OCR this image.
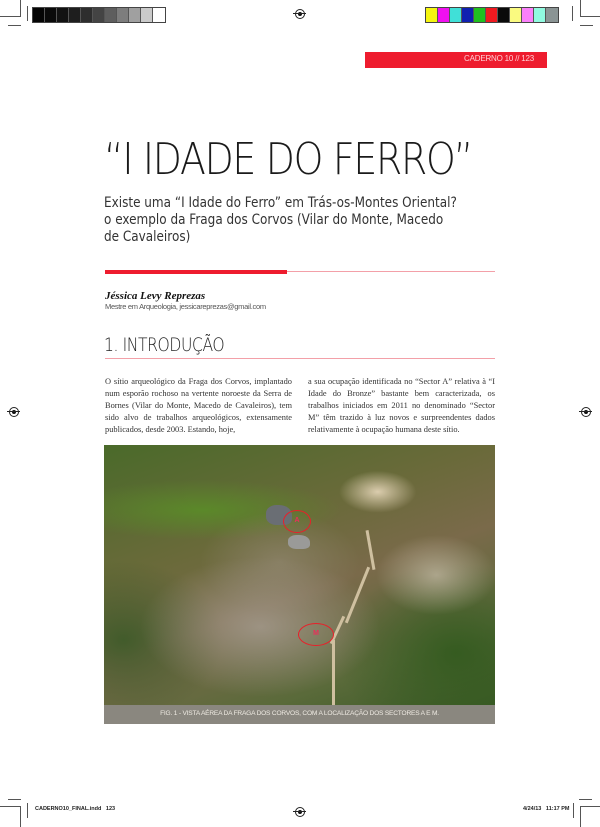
CADERNO 10 // 123
“I IDADE DO FERRO”
Existe uma “I Idade do Ferro” em Trás-os-Montes Oriental?
o exemplo da Fraga dos Corvos (Vilar do Monte, Macedo
de Cavaleiros)
Jéssica Levy Reprezas
Mestre em Arqueologia, jessicareprezas@gmail.com
1. INTRODUÇÃO
O sítio arqueológico da Fraga dos Corvos, implantado num esporão rochoso na vertente noroeste da Serra de Bornes (Vilar do Monte, Macedo de Cavaleiros), tem sido alvo de trabalhos arqueológicos, extensamente publicados, desde 2003. Estando, hoje,
a sua ocupação identificada no “Sector A” relativa à “I Idade do Bronze” bastante bem caracterizada, os trabalhos iniciados em 2011 no denominado “Sector M” têm trazido à luz novos e surpreendentes dados relativamente à ocupação humana deste sítio.
A
M
FIG. 1 - VISTA AÉREA DA FRAGA DOS CORVOS, COM A LOCALIZAÇÃO DOS SECTORES A E M.
CADERNO10_FINAL.indd   123	4/24/13   11:17 PM
